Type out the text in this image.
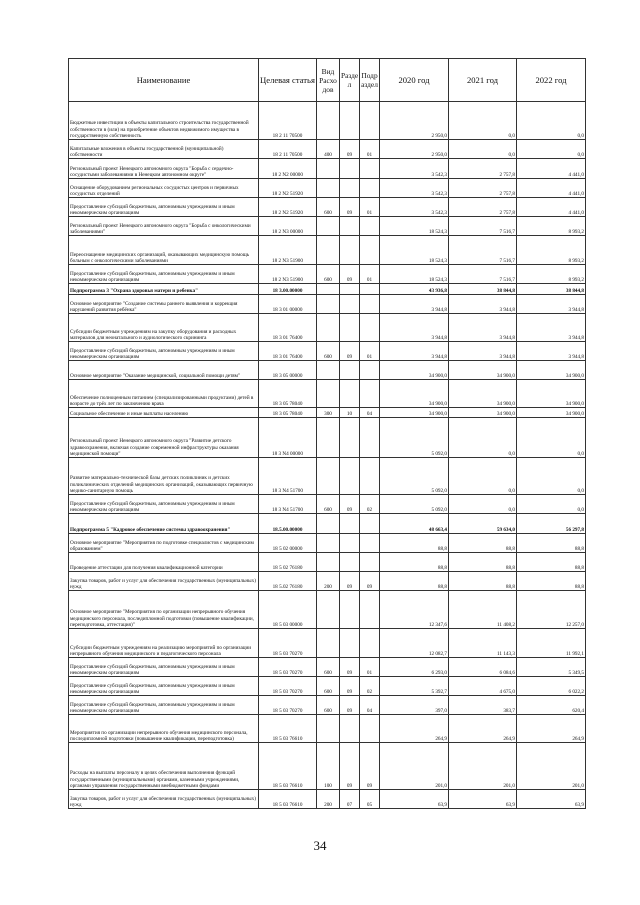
Наименование	Целевая статья	Вид Расхо дов	Разде л	Подр аздел	2020 год	2021 год	2022 год
Бюджетные инвестиции в объекты капитального строительства государственной собственности в (или) на приобретение объектов недвижимого имущества в государственную собственность	18 2 11 70500				2 950,0	0,0	0,0
Капитальные вложения в объекты государственной (муниципальной) собственности	18 2 11 70500	400	09	01	2 950,0	0,0	0,0
Региональный проект Ненецкого автономного округа "Борьба с сердечно-сосудистыми заболеваниями в Ненецком автономном округе"	18 2 N2 00000				3 542,3	2 757,8	4 441,0
Оснащение оборудованием региональных сосудистых центров и первичных сосудистых отделений	18 2 N2 51920				3 542,3	2 757,8	4 441,0
Предоставление субсидий бюджетным, автономным учреждениям и иным некоммерческим организациям	18 2 N2 51920	600	09	01	3 542,3	2 757,8	4 441,0
Региональный проект Ненецкого автономного округа "Борьба с онкологическими заболеваниями"	18 2 N3 00000				18 524,3	7 516,7	8 993,2
Переоснащение медицинских организаций, оказывающих медицинскую помощь больным с онкологическими заболеваниями	18 2 N3 51900				18 524,3	7 516,7	8 993,2
Предоставление субсидий бюджетным, автономным учреждениям и иным некоммерческим организациям	18 2 N3 51900	600	09	01	18 524,3	7 516,7	8 993,2
Подпрограмма 3 "Охрана здоровья матери и ребенка"	18 3.00.00000				43 936,8	38 844,8	38 844,8
Основное мероприятие "Создание системы раннего выявления и коррекция нарушений развития ребёнка"	18 3 01 00000				3 944,8	3 944,8	3 944,8
Субсидии бюджетным учреждениям на закупку оборудования и расходных материалов для неонатального и аудиологического скрининга	18 3 01 76400				3 944,8	3 944,8	3 944,8
Предоставление субсидий бюджетным, автономным учреждениям и иным некоммерческим организациям	18 3 01 76400	600	09	01	3 944,8	3 944,8	3 944,8
Основное мероприятие "Оказание медицинской, социальной помощи детям"	18 3 05 00000				34 900,0	34 900,0	34 900,0
Обеспечение полноценным питанием (специализированными продуктами) детей в возрасте до трёх лет по заключению врача	18 3 05 78040				34 900,0	34 900,0	34 900,0
Социальное обеспечение и иные выплаты населению	18 3 05 78040	300	10	04	34 900,0	34 900,0	34 900,0
Региональный проект Ненецкого автономного округа "Развитие детского здравоохранения, включая создание современной инфраструктуры оказания медицинской помощи"	18 3 N4 00000				5 092,0	0,0	0,0
Развитие материально-технической базы детских поликлиник и детских поликлинических отделений медицинских организаций, оказывающих первичную медико-санитарную помощь	18 3 N4 51700				5 092,0	0,0	0,0
Предоставление субсидий бюджетным, автономным учреждениям и иным некоммерческим организациям	18 3 N4 51700	600	09	02	5 092,0	0,0	0,0
Подпрограмма 5 "Кадровое обеспечение системы здравоохранения"	18.5.00.00000				48 663,4	59 634,0	56 297,8
Основное мероприятие "Мероприятия по подготовке специалистов с медицинским образованием"	18 5 02 00000				88,8	88,8	88,8
Проведение аттестации для получения квалификационной категории	18 5 02 76180				88,8	88,8	88,8
Закупка товаров, работ и услуг для обеспечения государственных (муниципальных) нужд	18 5.02 76180	200	09	09	88,8	88,8	88,8
Основное мероприятие "Мероприятия по организации непрерывного обучения медицинского персонала, последипломной подготовки (повышение квалификации, переподготовка, аттестация)"	18 5 03 00000				12 347,6	11 408,2	12 257,0
Субсидии бюджетным учреждениям на реализацию мероприятий по организации непрерывного обучения медицинского и педагогического персонала	18 5 03 70270				12 082,7	11 143,3	11 992,1
Предоставление субсидий бюджетным, автономным учреждениям и иным некоммерческим организациям	18 5 03 70270	600	09	01	6 293,0	6 084,6	5 349,5
Предоставление субсидий бюджетным, автономным учреждениям и иным некоммерческим организациям	18 5 03 70270	600	09	02	5 392,7	4 675,0	6 022,2
Предоставление субсидий бюджетным, автономным учреждениям и иным некоммерческим организациям	18 5 03 70270	600	09	04	397,0	383,7	620,4
Мероприятия по организации непрерывного обучения медицинского персонала, последипломной подготовки (повышение квалификации, переподготовка)	18 5 03 76610				264,9	264,9	264,9
Расходы на выплаты персоналу в целях обеспечения выполнения функций государственными (муниципальными) органами, казенными учреждениями, органами управления государственными внебюджетными фондами	18 5 03 76610	100	09	09	201,0	201,0	201,0
Закупка товаров, работ и услуг для обеспечения государственных (муниципальных) нужд	18 5 03 76610	200	07	05	63,9	63,9	63,9
34
